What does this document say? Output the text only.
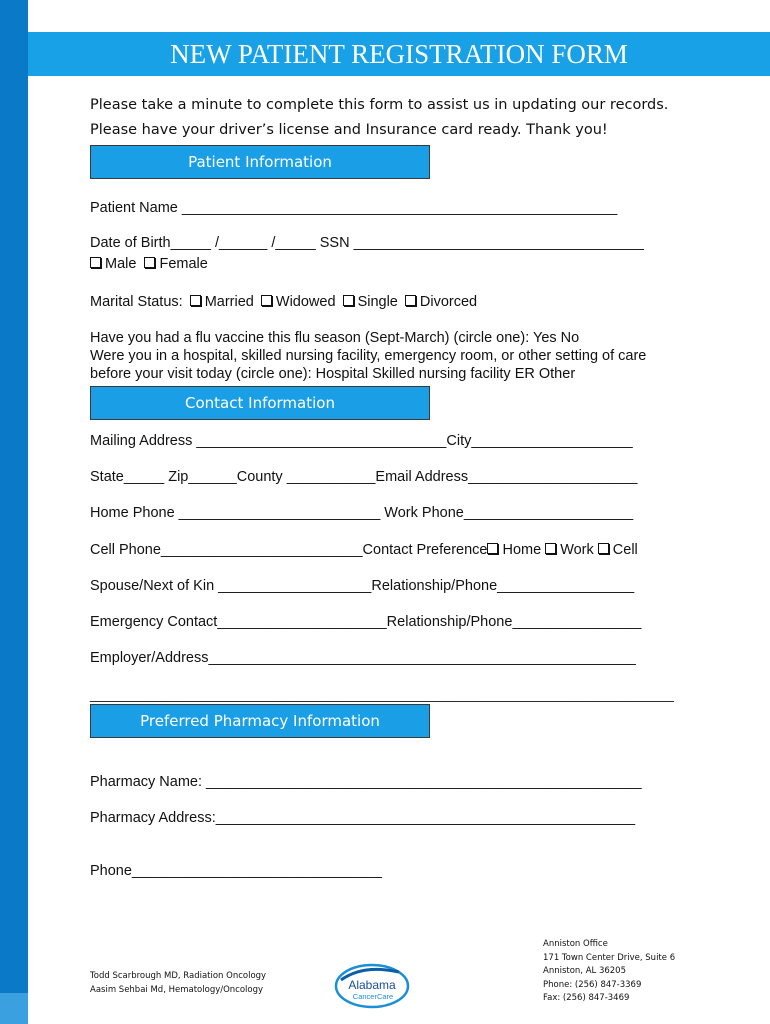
NEW PATIENT REGISTRATION FORM
Please take a minute to complete this form to assist us in updating our records.
Please have your driver’s license and Insurance card ready. Thank you!
Patient Information
Patient Name ______________________________________________________
Date of Birth_____ /______ /_____ SSN ____________________________________
Male Female
Marital Status: Married Widowed Single Divorced
Have you had a flu vaccine this flu season (Sept-March) (circle one): Yes No
Were you in a hospital, skilled nursing facility, emergency room, or other setting of care
before your visit today (circle one): Hospital Skilled nursing facility ER Other
Contact Information
Mailing Address _______________________________City____________________
State_____ Zip______County ___________Email Address_____________________
Home Phone _________________________ Work Phone_____________________
Cell Phone_________________________Contact Preference Home Work Cell
Spouse/Next of Kin ___________________Relationship/Phone_________________
Emergency Contact_____________________Relationship/Phone________________
Employer/Address_____________________________________________________
___________________________________________________________________________
Preferred Pharmacy Information
Pharmacy Name: ______________________________________________________
Pharmacy Address:____________________________________________________
Phone_______________________________
Todd Scarbrough MD, Radiation Oncology
Aasim Sehbai Md, Hematology/Oncology	Alabama
CancerCare
Anniston Office
171 Town Center Drive, Suite 6
Anniston, AL 36205
Phone: (256) 847-3369
Fax: (256) 847-3469
